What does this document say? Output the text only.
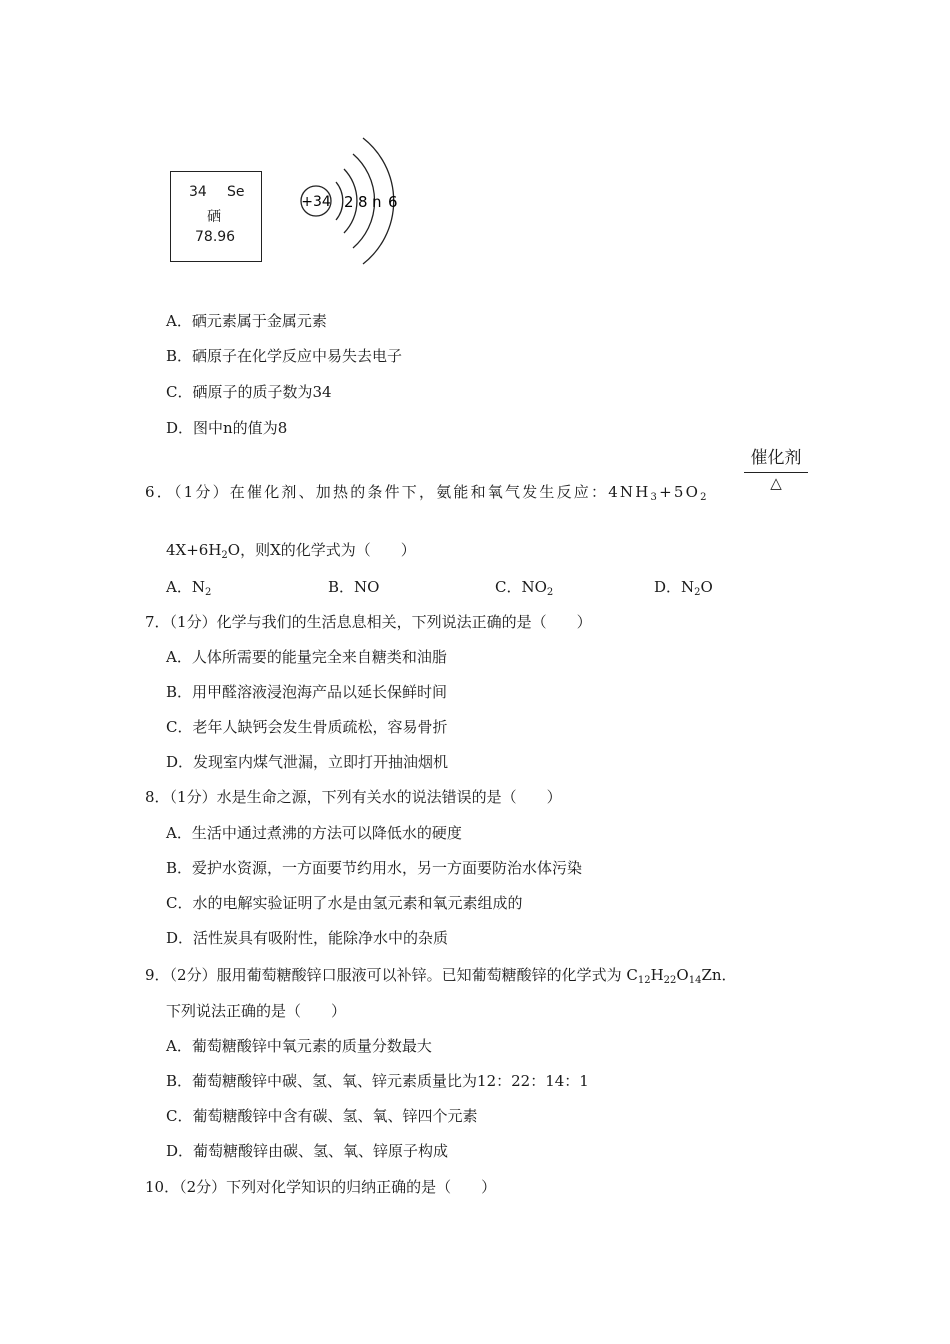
34 Se
硒
78.96
+34 2 8 n 6
A．硒元素属于金属元素
B．硒原子在化学反应中易失去电子
C．硒原子的质子数为34
D．图中n的值为8
6．（1分）在催化剂、加热的条件下，氨能和氧气发生反应：$4NH_3+5O_2$
催化剂
△
$4X+6H_2O$，则X的化学式为（　　）
A．$N_2$	B．NO	C．$NO_2$	D．$N_2O$
7．（1分）化学与我们的生活息息相关，下列说法正确的是（　　）
A．人体所需要的能量完全来自糖类和油脂
B．用甲醛溶液浸泡海产品以延长保鲜时间
C．老年人缺钙会发生骨质疏松，容易骨折
D．发现室内煤气泄漏，立即打开抽油烟机
8．（1分）水是生命之源，下列有关水的说法错误的是（　　）
A．生活中通过煮沸的方法可以降低水的硬度
B．爱护水资源，一方面要节约用水，另一方面要防治水体污染
C．水的电解实验证明了水是由氢元素和氧元素组成的
D．活性炭具有吸附性，能除净水中的杂质
9．（2分）服用葡萄糖酸锌口服液可以补锌。已知葡萄糖酸锌的化学式为 $C_{12}H_{22}O_{14}Zn$．
下列说法正确的是（　　）
A．葡萄糖酸锌中氧元素的质量分数最大
B．葡萄糖酸锌中碳、氢、氧、锌元素质量比为12：22：14：1
C．葡萄糖酸锌中含有碳、氢、氧、锌四个元素
D．葡萄糖酸锌由碳、氢、氧、锌原子构成
10．（2分）下列对化学知识的归纳正确的是（　　）
